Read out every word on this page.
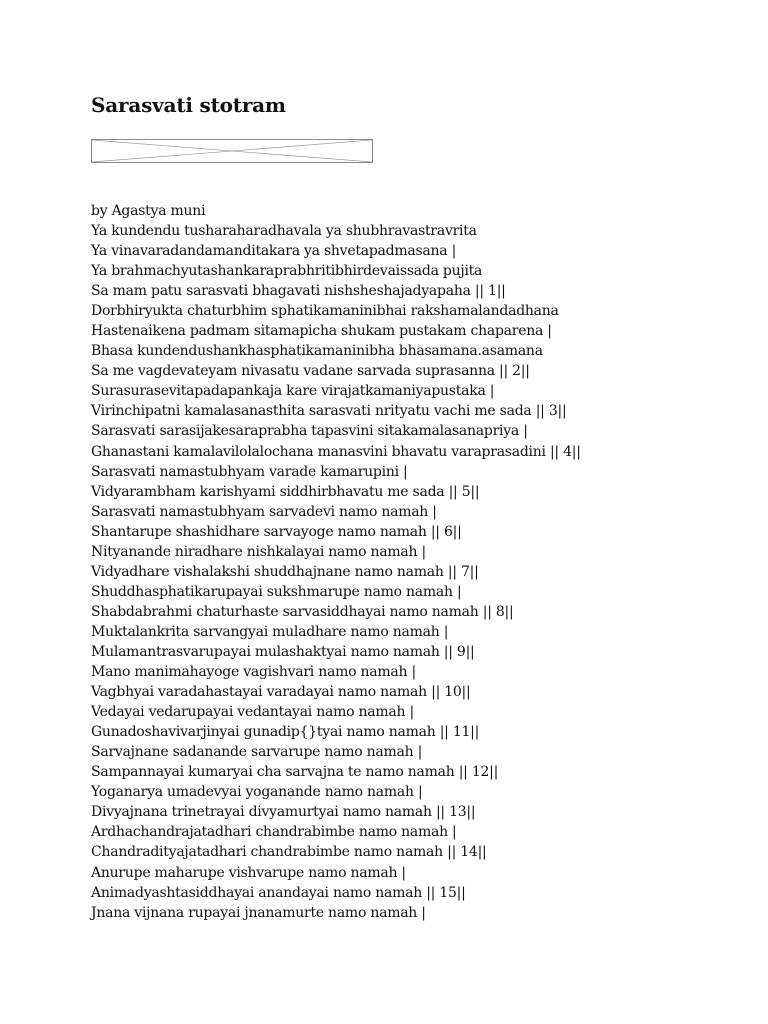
Sarasvati stotram
by Agastya muni
Ya kundendu tusharaharadhavala ya shubhravastravrita
Ya vinavaradandamanditakara ya shvetapadmasana |
Ya brahmachyutashankaraprabhritibhirdevaissada pujita
Sa mam patu sarasvati bhagavati nishsheshajadyapaha || 1||
Dorbhiryukta chaturbhim sphatikamaninibhai rakshamalandadhana
Hastenaikena padmam sitamapicha shukam pustakam chaparena |
Bhasa kundendushankhasphatikamaninibha bhasamana.asamana
Sa me vagdevateyam nivasatu vadane sarvada suprasanna || 2||
Surasurasevitapadapankaja kare virajatkamaniyapustaka |
Virinchipatni kamalasanasthita sarasvati nrityatu vachi me sada || 3||
Sarasvati sarasijakesaraprabha tapasvini sitakamalasanapriya |
Ghanastani kamalavilolalochana manasvini bhavatu varaprasadini || 4||
Sarasvati namastubhyam varade kamarupini |
Vidyarambham karishyami siddhirbhavatu me sada || 5||
Sarasvati namastubhyam sarvadevi namo namah |
Shantarupe shashidhare sarvayoge namo namah || 6||
Nityanande niradhare nishkalayai namo namah |
Vidyadhare vishalakshi shuddhajnane namo namah || 7||
Shuddhasphatikarupayai sukshmarupe namo namah |
Shabdabrahmi chaturhaste sarvasiddhayai namo namah || 8||
Muktalankrita sarvangyai muladhare namo namah |
Mulamantrasvarupayai mulashaktyai namo namah || 9||
Mano manimahayoge vagishvari namo namah |
Vagbhyai varadahastayai varadayai namo namah || 10||
Vedayai vedarupayai vedantayai namo namah |
Gunadoshavivarjinyai gunadip{}tyai namo namah || 11||
Sarvajnane sadanande sarvarupe namo namah |
Sampannayai kumaryai cha sarvajna te namo namah || 12||
Yoganarya umadevyai yoganande namo namah |
Divyajnana trinetrayai divyamurtyai namo namah || 13||
Ardhachandrajatadhari chandrabimbe namo namah |
Chandradityajatadhari chandrabimbe namo namah || 14||
Anurupe maharupe vishvarupe namo namah |
Animadyashtasiddhayai anandayai namo namah || 15||
Jnana vijnana rupayai jnanamurte namo namah |
